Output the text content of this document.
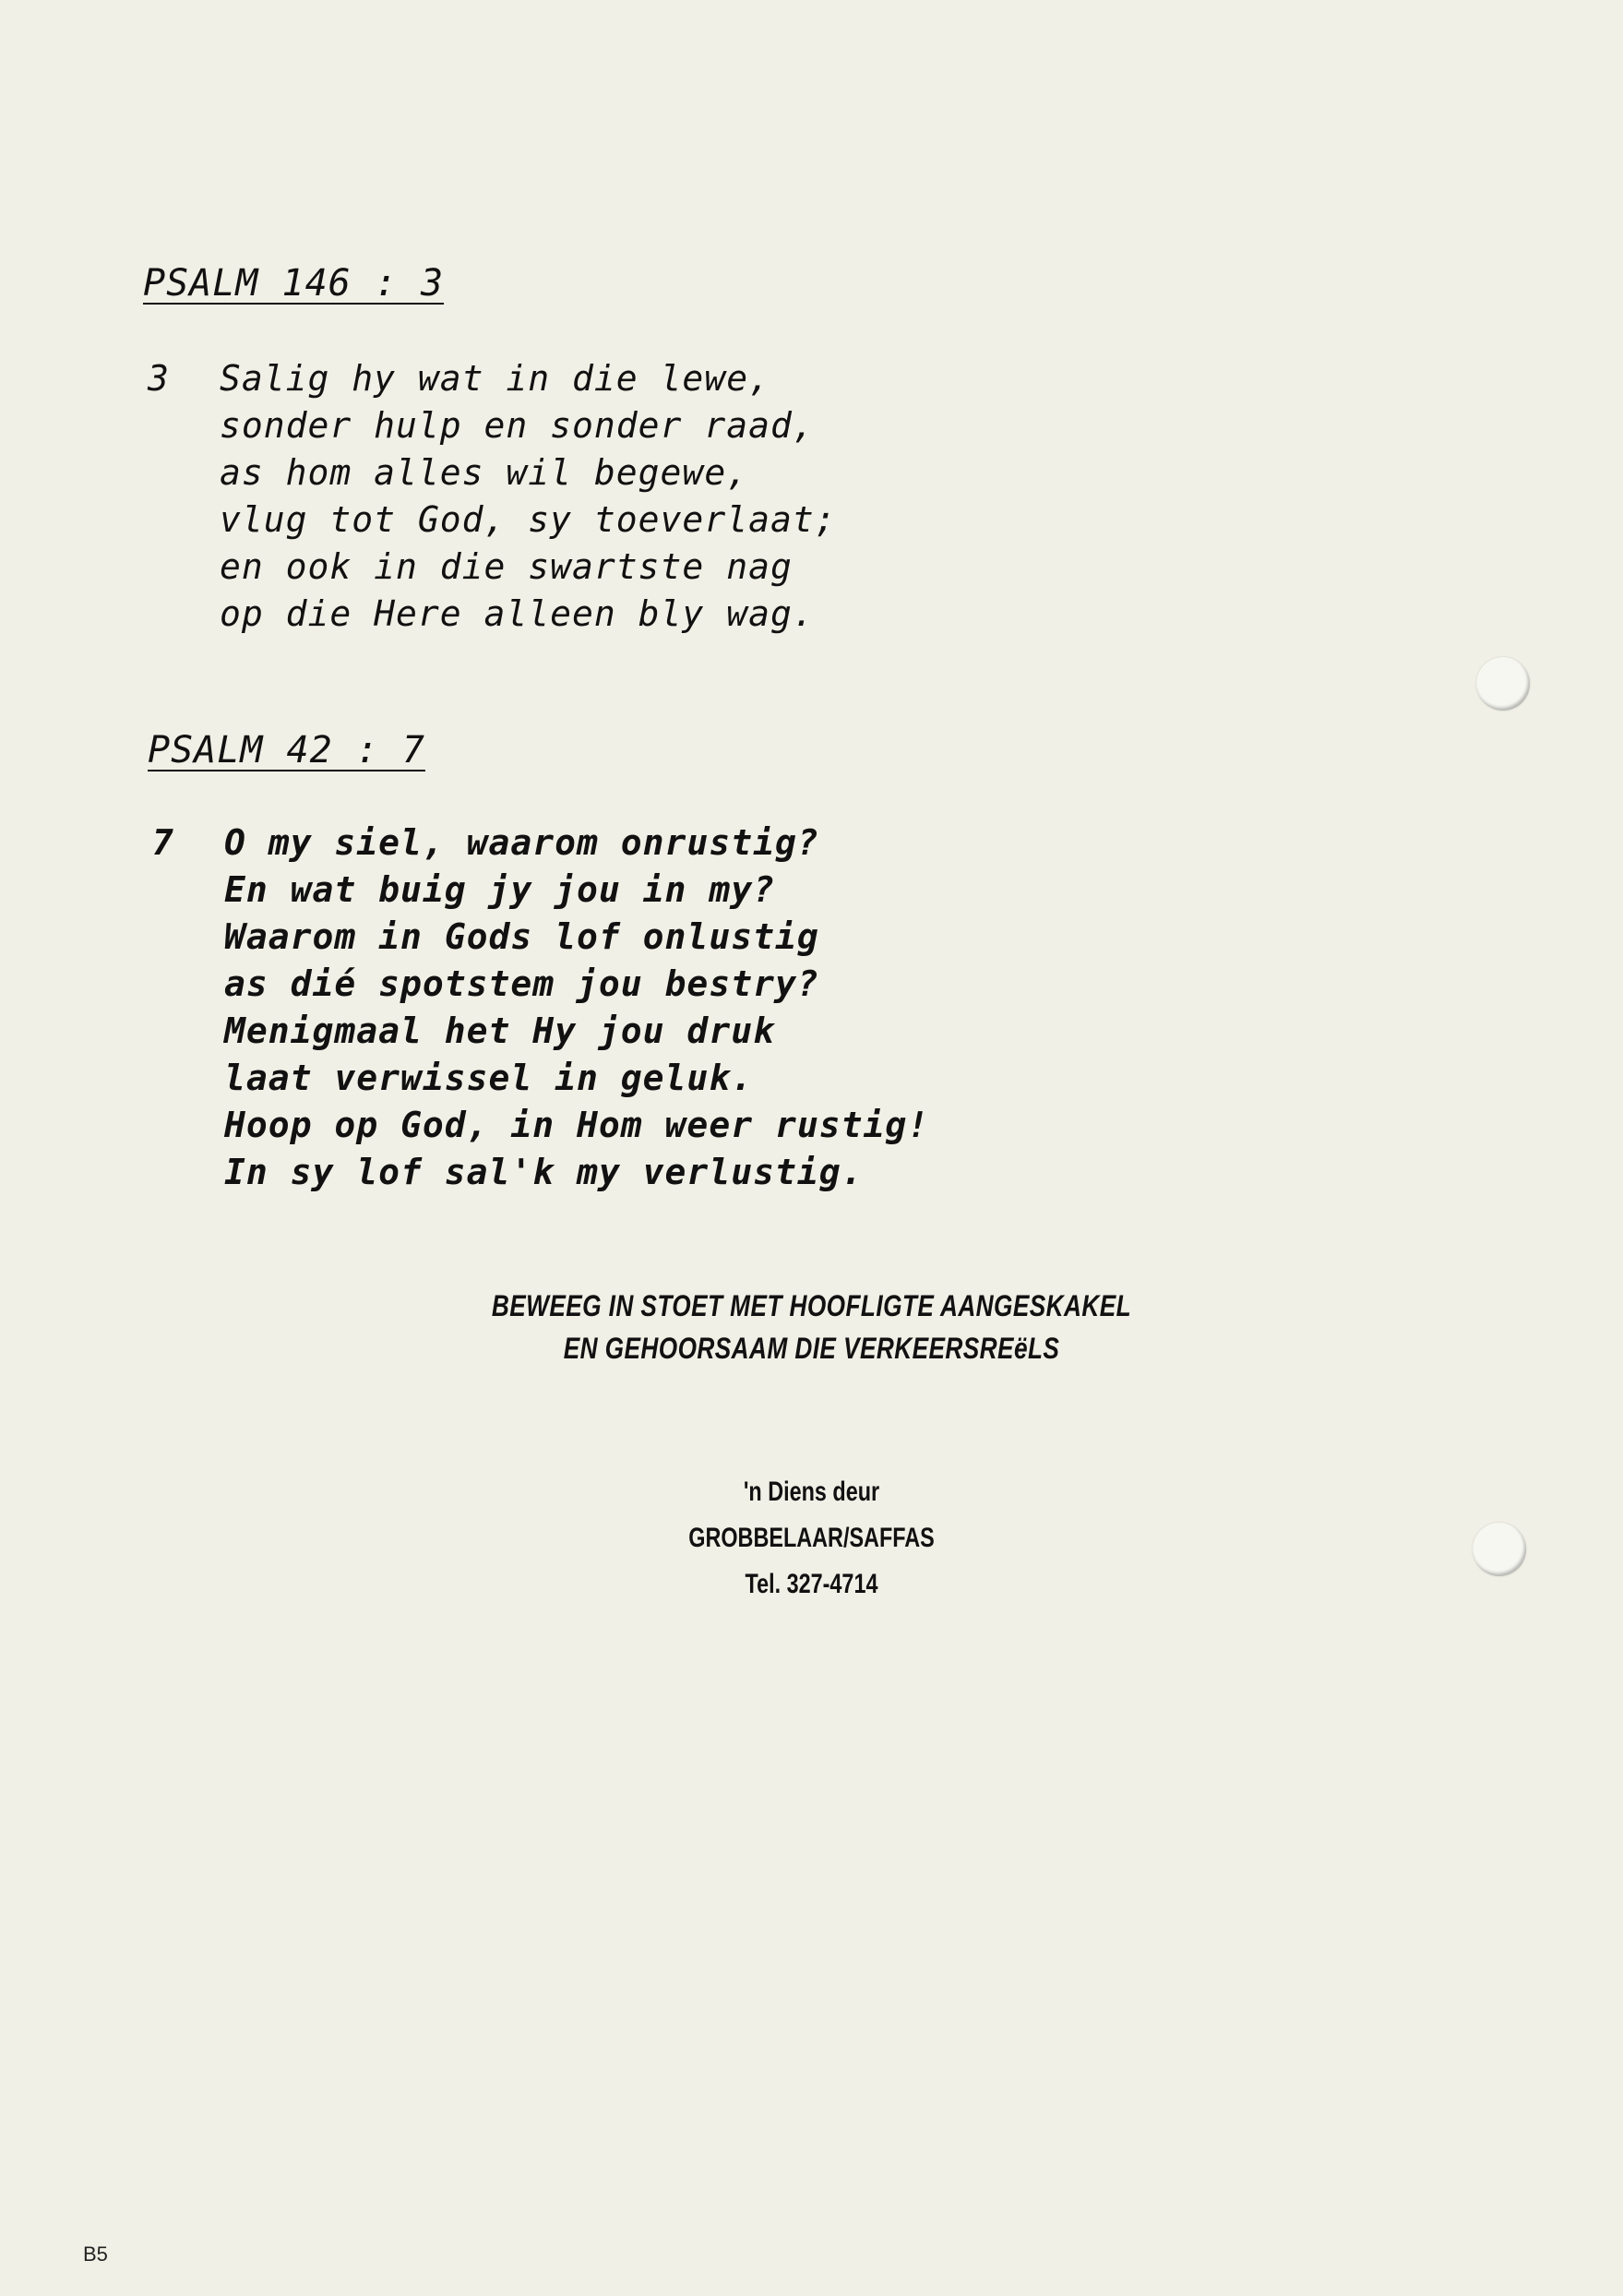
PSALM 146 : 3
3 Salig hy wat in die lewe,
sonder hulp en sonder raad,
as hom alles wil begewe,
vlug tot God, sy toeverlaat;
en ook in die swartste nag
op die Here alleen bly wag.
PSALM 42 : 7
7 O my siel, waarom onrustig?
En wat buig jy jou in my?
Waarom in Gods lof onlustig
as dié spotstem jou bestry?
Menigmaal het Hy jou druk
laat verwissel in geluk.
Hoop op God, in Hom weer rustig!
In sy lof sal'k my verlustig.
BEWEEG IN STOET MET HOOFLIGTE AANGESKAKEL
EN GEHOORSAAM DIE VERKEERSREëLS
'n Diens deur
GROBBELAAR/SAFFAS
Tel. 327-4714
B5
